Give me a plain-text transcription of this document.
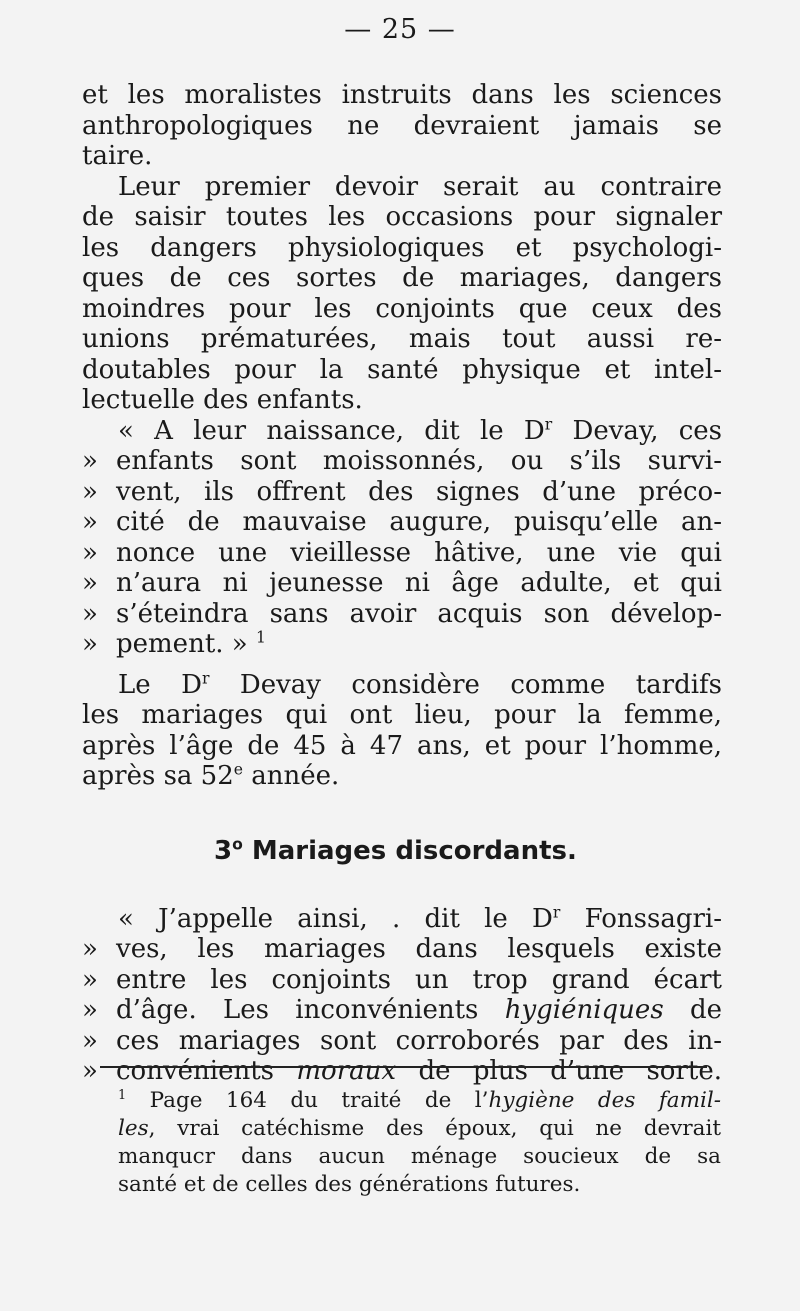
— 25 —
et les moralistes instruits dans les sciences
anthropologiques ne devraient jamais se
taire.
Leur premier devoir serait au contraire
de saisir toutes les occasions pour signaler
les dangers physiologiques et psychologi-
ques de ces sortes de mariages, dangers
moindres pour les conjoints que ceux des
unions prématurées, mais tout aussi re-
doutables pour la santé physique et intel-
lectuelle des enfants.
« A leur naissance, dit le $D^r$ Devay, ces
» enfants sont moissonnés, ou s’ils survi-
» vent, ils offrent des signes d’une préco-
» cité de mauvaise augure, puisqu’elle an-
» nonce une vieillesse hâtive, une vie qui
» n’aura ni jeunesse ni âge adulte, et qui
» s’éteindra sans avoir acquis son dévelop-
» pement. » $^1$
Le $D^r$ Devay considère comme tardifs
les mariages qui ont lieu, pour la femme,
après l’âge de 45 à 47 ans, et pour l’homme,
après sa 52e année.
3$^o$ Mariages discordants.
« J’appelle ainsi, . dit le $D^r$ Fonssagri-
» ves, les mariages dans lesquels existe
» entre les conjoints un trop grand écart
» d’âge. Les inconvénients hygiéniques de
» ces mariages sont corroborés par des in-
» convénients moraux de plus d’une sorte.
$^1$ Page 164 du traité de l’hygiène des famil-
les, vrai catéchisme des époux, qui ne devrait
manqucr dans aucun ménage soucieux de sa
santé et de celles des générations futures.
